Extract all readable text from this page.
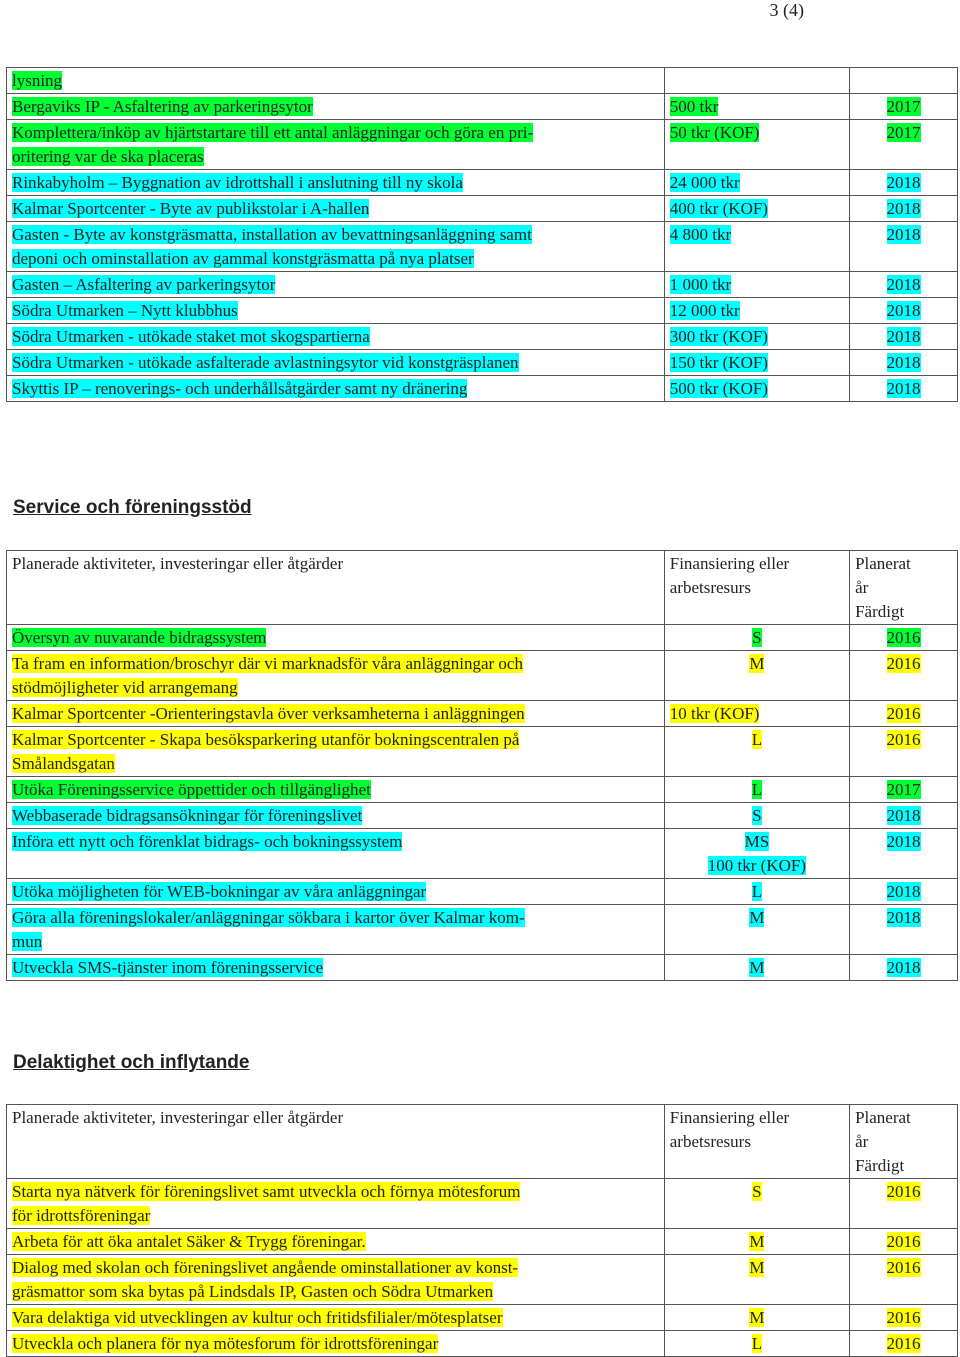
3 (4)
lysning		
Bergaviks IP - Asfaltering av parkeringsytor	500 tkr	2017
Komplettera/inköp av hjärtstartare till ett antal anläggningar och göra en pri-
oritering var de ska placeras	50 tkr (KOF)	2017
Rinkabyholm – Byggnation av idrottshall i anslutning till ny skola	24 000 tkr	2018
Kalmar Sportcenter - Byte av publikstolar i A-hallen	400 tkr (KOF)	2018
Gasten - Byte av konstgräsmatta, installation av bevattningsanläggning samt
deponi och ominstallation av gammal konstgräsmatta på nya platser	4 800 tkr	2018
Gasten – Asfaltering av parkeringsytor	1 000 tkr	2018
Södra Utmarken – Nytt klubbhus	12 000 tkr	2018
Södra Utmarken - utökade staket mot skogspartierna	300 tkr (KOF)	2018
Södra Utmarken - utökade asfalterade avlastningsytor vid konstgräsplanen	150 tkr (KOF)	2018
Skyttis IP – renoverings- och underhållsåtgärder samt ny dränering	500 tkr (KOF)	2018
Service och föreningsstöd
Planerade aktiviteter, investeringar eller åtgärder	Finansiering eller
arbetsresurs	Planerat
år
Färdigt
Översyn av nuvarande bidragssystem	S	2016
Ta fram en information/broschyr där vi marknadsför våra anläggningar och
stödmöjligheter vid arrangemang	M	2016
Kalmar Sportcenter -Orienteringstavla över verksamheterna i anläggningen	10 tkr (KOF)	2016
Kalmar Sportcenter - Skapa besöksparkering utanför bokningscentralen på
Smålandsgatan	L	2016
Utöka Föreningsservice öppettider och tillgänglighet	L	2017
Webbaserade bidragsansökningar för föreningslivet	S	2018
Införa ett nytt och förenklat bidrags- och bokningssystem	MS
100 tkr (KOF)	2018
Utöka möjligheten för WEB-bokningar av våra anläggningar	L	2018
Göra alla föreningslokaler/anläggningar sökbara i kartor över Kalmar kom-
mun	M	2018
Utveckla SMS-tjänster inom föreningsservice	M	2018
Delaktighet och inflytande
Planerade aktiviteter, investeringar eller åtgärder	Finansiering eller
arbetsresurs	Planerat
år
Färdigt
Starta nya nätverk för föreningslivet samt utveckla och förnya mötesforum
för idrottsföreningar	S	2016
Arbeta för att öka antalet Säker & Trygg föreningar.	M	2016
Dialog med skolan och föreningslivet angående ominstallationer av konst-
gräsmattor som ska bytas på Lindsdals IP, Gasten och Södra Utmarken	M	2016
Vara delaktiga vid utvecklingen av kultur och fritidsfilialer/mötesplatser	M	2016
Utveckla och planera för nya mötesforum för idrottsföreningar	L	2016
